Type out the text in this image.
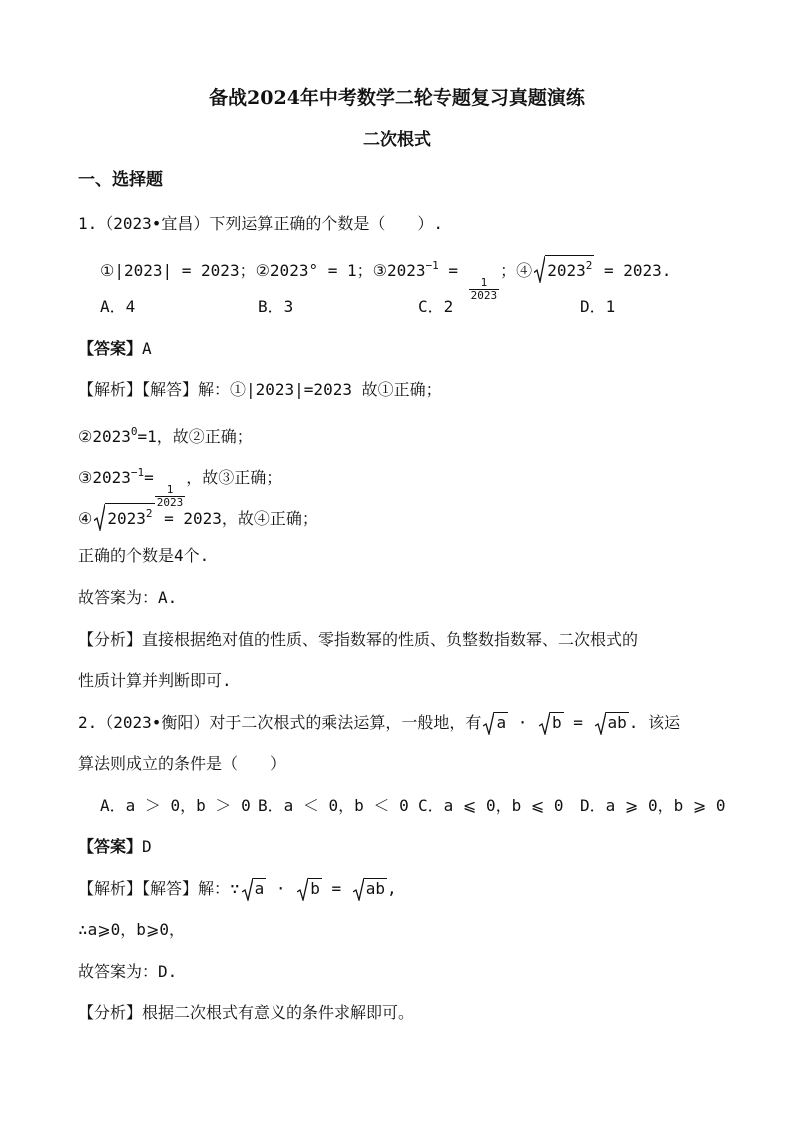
备战2024年中考数学二轮专题复习真题演练
二次根式
一、选择题
1.（2023•宜昌）下列运算正确的个数是（　　）.
①|2023| = 2023；②2023° = 1；$③2023^{-1}$ =
$\frac{1}{2023}$
；④ $2023^2 = 2023$.
A．4	B．3	C．2	D．1
【答案】A
【解析】【解答】解：①|2023|=2023 故①正确；
$②2023^0=1$，故②正确；
$③2023^{-1}=$
$\frac{1}{2023}$
，故③正确；
④ $2023^2 = 2023$，故④正确；
正确的个数是4个.
故答案为：A.
【分析】直接根据绝对值的性质、零指数幂的性质、负整数指数幂、二次根式的
性质计算并判断即可.
2.（2023•衡阳）对于二次根式的乘法运算，一般地，有 a ·
b =
ab . 该运
算法则成立的条件是（　　）
A．a ＞ 0，b ＞ 0 B．a ＜ 0，b ＜ 0 C．a ⩽ 0，b ⩽ 0 D．a ⩾ 0，b ⩾ 0
【答案】D
【解析】【解答】解：∵ a ·
b =
ab ,
∴a⩾0，b⩾0，
故答案为：D.
【分析】根据二次根式有意义的条件求解即可。
